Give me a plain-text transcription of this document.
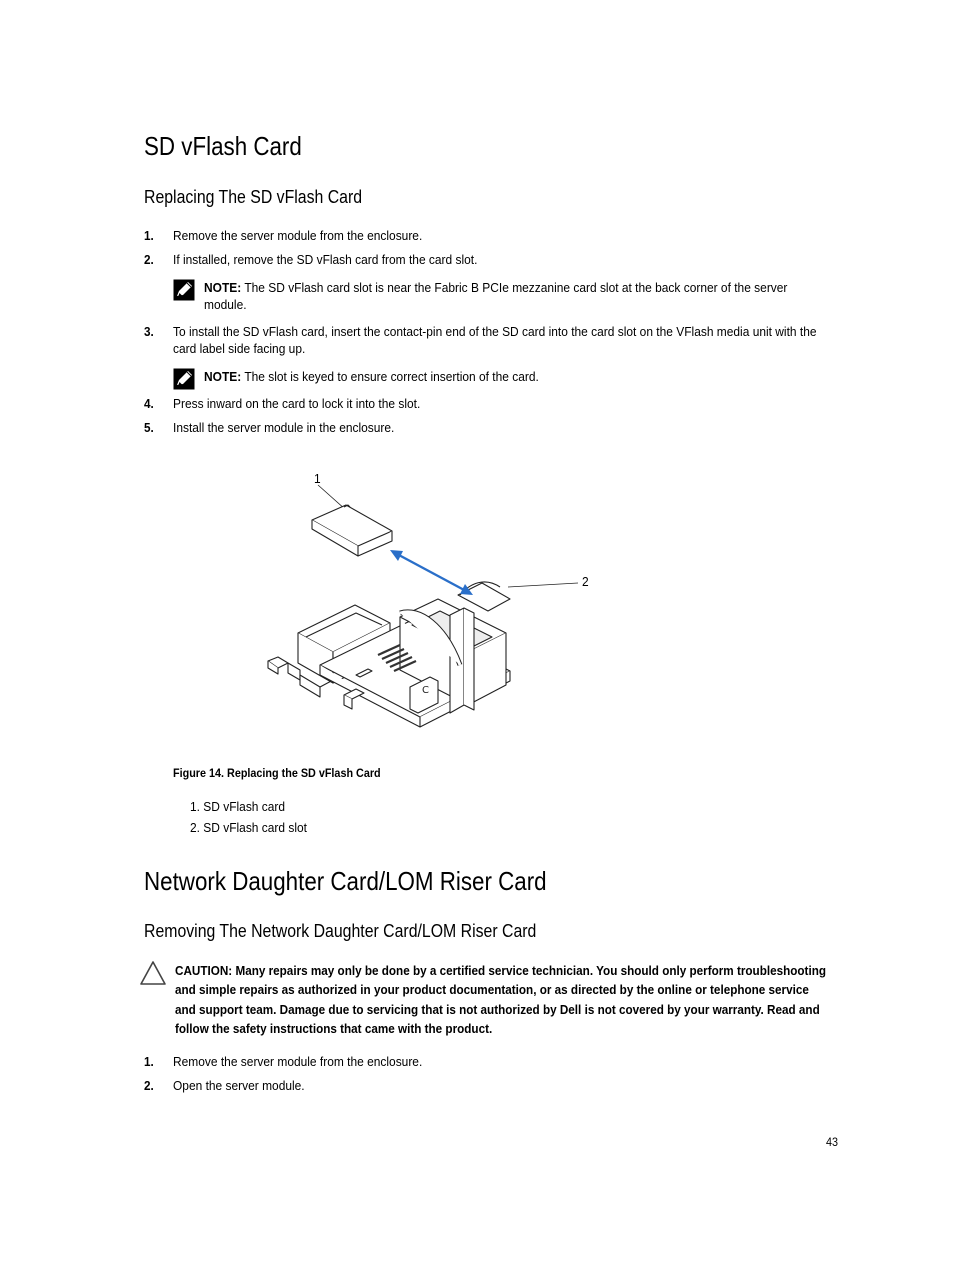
SD vFlash Card
Replacing The SD vFlash Card
1. Remove the server module from the enclosure.
2. If installed, remove the SD vFlash card from the card slot.
NOTE: The SD vFlash card slot is near the Fabric B PCIe mezzanine card slot at the back corner of the server module.
3. To install the SD vFlash card, insert the contact-pin end of the SD card into the card slot on the VFlash media unit with the card label side facing up.
NOTE: The slot is keyed to ensure correct insertion of the card.
4. Press inward on the card to lock it into the slot.
5. Install the server module in the enclosure.
C
1
2
Figure 14. Replacing the SD vFlash Card
1. SD vFlash card
2. SD vFlash card slot
Network Daughter Card/LOM Riser Card
Removing The Network Daughter Card/LOM Riser Card
CAUTION: Many repairs may only be done by a certified service technician. You should only perform troubleshooting and simple repairs as authorized in your product documentation, or as directed by the online or telephone service and support team. Damage due to servicing that is not authorized by Dell is not covered by your warranty. Read and follow the safety instructions that came with the product.
1. Remove the server module from the enclosure.
2. Open the server module.
43
